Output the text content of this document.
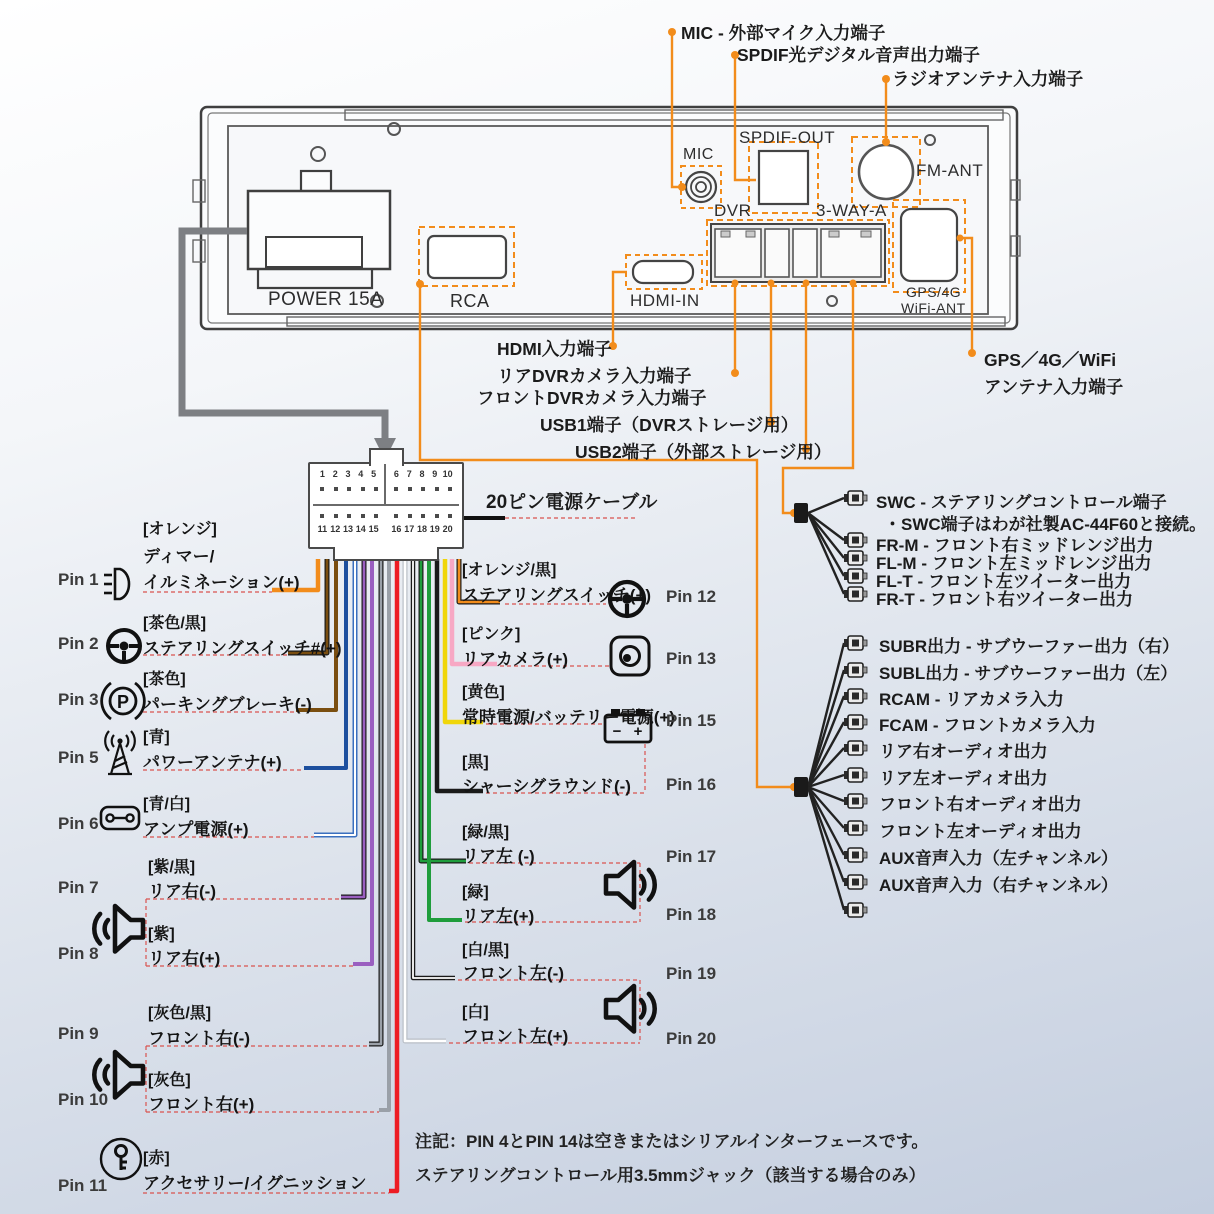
P
− +
1 2 3 4 5	6 7 8 9 10
11 12 13 14 15 16 17 18 19 20
POWER 15A	RCA
MIC
SPDIF-OUT
FM-ANT
DVR	3-WAY-A
GPS/4G
WiFi-ANT
HDMI-IN
MIC - 外部マイク入力端子
SPDIF光デジタル音声出力端子
ラジオアンテナ入力端子
HDMI入力端子
リアDVRカメラ入力端子
フロントDVRカメラ入力端子
USB1端子（DVRストレージ用）
USB2端子（外部ストレージ用）
GPS／4G／WiFi
アンテナ入力端子
20ピン電源ケーブル
Pin 1
[オレンジ]
ディマー/
イルミネーション(+)
Pin 2
[茶色/黒]
ステアリングスイッチ#(+)
Pin 3
[茶色]
パーキングブレーキ(-)
Pin 5
[青]
パワーアンテナ(+)
Pin 6
[青/白]
アンプ電源(+)
Pin 7
[紫/黒]
リア右(-)
Pin 8
[紫]
リア右(+)
Pin 9
[灰色/黒]
フロント右(-)
Pin 10
[灰色]
フロント右(+)
Pin 11
[赤]
アクセサリー/イグニッション
[オレンジ/黒]
ステアリングスイッチ(+) Pin 12
[ピンク]
リアカメラ(+)	Pin 13
[黄色]
常時電源/バッテリー電源(+)
Pin 15
[黒]
シャーシグラウンド(-) Pin 16
[緑/黒]
リア左 (-)	Pin 17
[緑]
リア左(+)	Pin 18
[白/黒]
フロント左(-)	Pin 19
[白]
フロント左(+)	Pin 20
SWC - ステアリングコントロール端子
・SWC端子はわが社製AC-44F60と接続。
FR-M - フロント右ミッドレンジ出力
FL-M - フロント左ミッドレンジ出力
FL-T - フロント左ツイーター出力
FR-T - フロント右ツイーター出力
SUBR出力 - サブウーファー出力（右）
SUBL出力 - サブウーファー出力（左）
RCAM - リアカメラ入力
FCAM - フロントカメラ入力
リア右オーディオ出力
リア左オーディオ出力
フロント右オーディオ出力
フロント左オーディオ出力
AUX音声入力（左チャンネル）
AUX音声入力（右チャンネル）
注記：PIN 4とPIN 14は空きまたはシリアルインターフェースです。
ステアリングコントロール用3.5mmジャック（該当する場合のみ）
